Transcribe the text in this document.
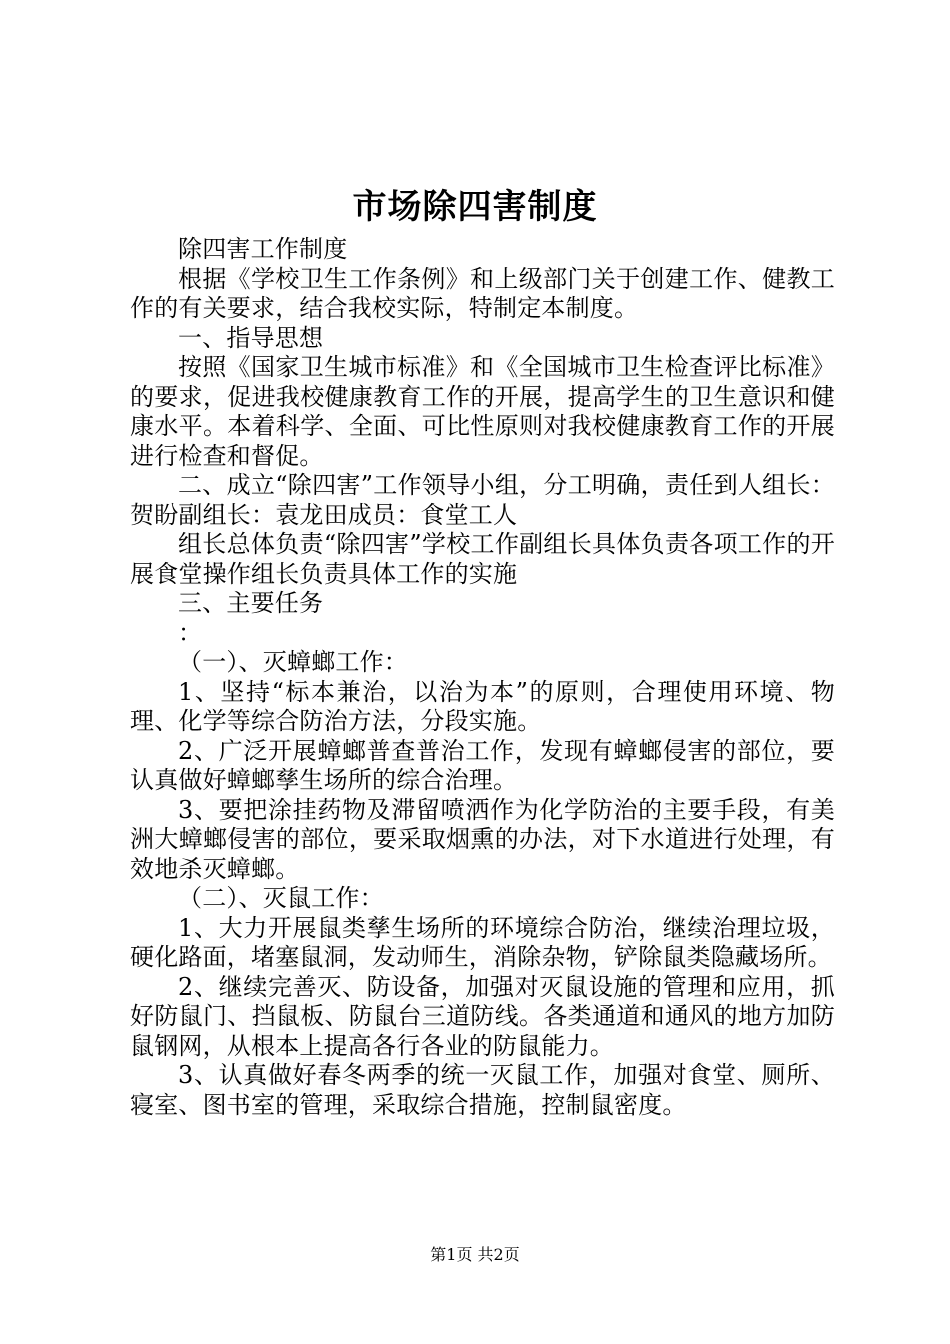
市场除四害制度

除四害工作制度

根据《学校卫生工作条例》和上级部门关于创建工作、健教工作的有关要求，结合我校实际，特制定本制度。

一、指导思想

按照《国家卫生城市标准》和《全国城市卫生检查评比标准》的要求，促进我校健康教育工作的开展，提高学生的卫生意识和健康水平。本着科学、全面、可比性原则对我校健康教育工作的开展进行检查和督促。

二、成立“除四害”工作领导小组，分工明确，责任到人组长：贺盼副组长：袁龙田成员：食堂工人

组长总体负责“除四害”学校工作副组长具体负责各项工作的开展食堂操作组长负责具体工作的实施

三、主要任务

：

（一）、灭蟑螂工作：

1、坚持“标本兼治，以治为本”的原则，合理使用环境、物理、化学等综合防治方法，分段实施。

2、广泛开展蟑螂普查普治工作，发现有蟑螂侵害的部位，要认真做好蟑螂孳生场所的综合治理。

3、要把涂挂药物及滞留喷洒作为化学防治的主要手段，有美洲大蟑螂侵害的部位，要采取烟熏的办法，对下水道进行处理，有效地杀灭蟑螂。

（二）、灭鼠工作：

1、大力开展鼠类孳生场所的环境综合防治，继续治理垃圾，硬化路面，堵塞鼠洞，发动师生，消除杂物，铲除鼠类隐藏场所。

2、继续完善灭、防设备，加强对灭鼠设施的管理和应用，抓好防鼠门、挡鼠板、防鼠台三道防线。各类通道和通风的地方加防鼠钢网，从根本上提高各行各业的防鼠能力。

3、认真做好春冬两季的统一灭鼠工作，加强对食堂、厕所、寝室、图书室的管理，采取综合措施，控制鼠密度。

第1页 共2页
